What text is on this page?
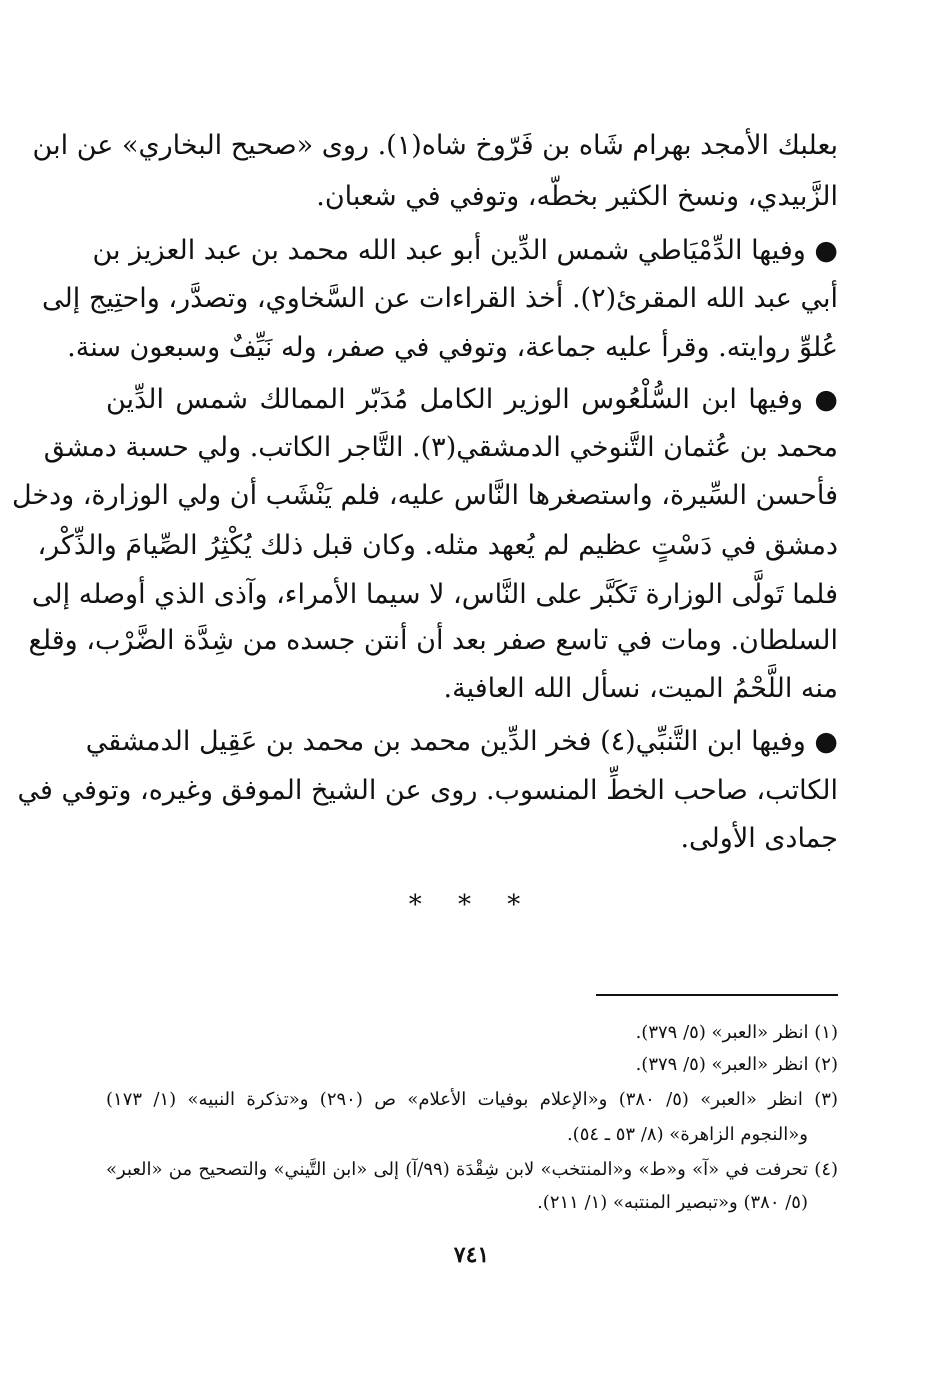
بعلبك الأمجد بهرام شَاه بن فَرّوخ شاه(١). روى «صحيح البخاري» عن ابن
الزَّبيدي، ونسخ الكثير بخطّه، وتوفي في شعبان.
● وفيها الدِّمْيَاطي شمس الدِّين أبو عبد الله محمد بن عبد العزيز بن
أبي عبد الله المقرئ(٢). أخذ القراءات عن السَّخاوي، وتصدَّر، واحتِيج إلى
عُلوِّ روايته. وقرأ عليه جماعة، وتوفي في صفر، وله نَيِّفٌ وسبعون سنة.
● وفيها ابن السُّلْعُوس الوزير الكامل مُدَبّر الممالك شمس الدِّين
محمد بن عُثمان التَّنوخي الدمشقي(٣). التَّاجر الكاتب. ولي حسبة دمشق
فأحسن السِّيرة، واستصغرها النَّاس عليه، فلم يَنْشَب أن ولي الوزارة، ودخل
دمشق في دَسْتٍ عظيم لم يُعهد مثله. وكان قبل ذلك يُكْثِرُ الصِّيامَ والذِّكْر،
فلما تَولَّى الوزارة تَكَبَّر على النَّاس، لا سيما الأمراء، وآذى الذي أوصله إلى
السلطان. ومات في تاسع صفر بعد أن أنتن جسده من شِدَّة الضَّرْب، وقلع
منه اللَّحْمُ الميت، نسأل الله العافية.
● وفيها ابن التَّنبِّي(٤) فخر الدِّين محمد بن محمد بن عَقِيل الدمشقي
الكاتب، صاحب الخطِّ المنسوب. روى عن الشيخ الموفق وغيره، وتوفي في
جمادى الأولى.
* * *
(١) انظر «العبر» (٥/ ٣٧٩).
(٢) انظر «العبر» (٥/ ٣٧٩).
(٣) انظر «العبر» (٥/ ٣٨٠) و«الإعلام بوفيات الأعلام» ص (٢٩٠) و«تذكرة النبيه» (١/ ١٧٣)
و«النجوم الزاهرة» (٨/ ٥٣ ـ ٥٤).
(٤) تحرفت في «آ» و«ط» و«المنتخب» لابن شِقْدَة (٩٩/آ) إلى «ابن التَّيني» والتصحيح من «العبر»
(٥/ ٣٨٠) و«تبصير المنتبه» (١/ ٢١١).
٧٤١
